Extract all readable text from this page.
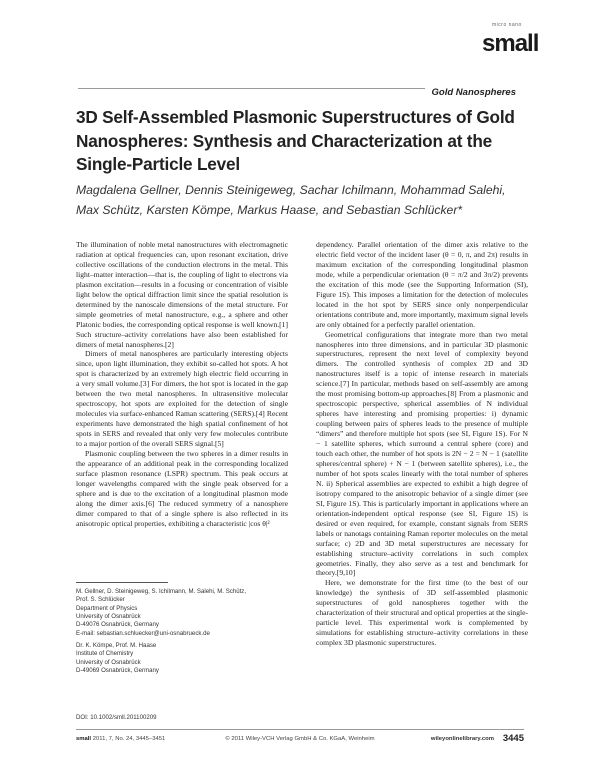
micro nano
small
Gold Nanospheres
3D Self-Assembled Plasmonic Superstructures of Gold Nanospheres: Synthesis and Characterization at the Single-Particle Level

Magdalena Gellner, Dennis Steinigeweg, Sachar Ichilmann, Mohammad Salehi, Max Schütz, Karsten Kömpe, Markus Haase, and Sebastian Schlücker*

The illumination of noble metal nanostructures with electromagnetic radiation at optical frequencies can, upon resonant excitation, drive collective oscillations of the conduction electrons in the metal. This light–matter interaction—that is, the coupling of light to electrons via plasmon excitation—results in a focusing or concentration of visible light below the optical diffraction limit since the spatial resolution is determined by the nanoscale dimensions of the metal structure. For simple geometries of metal nanostructure, e.g., a sphere and other Platonic bodies, the corresponding optical response is well known.[1] Such structure–activity correlations have also been established for dimers of metal nanospheres.[2]

Dimers of metal nanospheres are particularly interesting objects since, upon light illumination, they exhibit so-called hot spots. A hot spot is characterized by an extremely high electric field occurring in a very small volume.[3] For dimers, the hot spot is located in the gap between the two metal nanospheres. In ultrasensitive molecular spectroscopy, hot spots are exploited for the detection of single molecules via surface-enhanced Raman scattering (SERS).[4] Recent experiments have demonstrated the high spatial confinement of hot spots in SERS and revealed that only very few molecules contribute to a major portion of the overall SERS signal.[5]

Plasmonic coupling between the two spheres in a dimer results in the appearance of an additional peak in the corresponding localized surface plasmon resonance (LSPR) spectrum. This peak occurs at longer wavelengths compared with the single peak observed for a sphere and is due to the excitation of a longitudinal plasmon mode along the dimer axis.[6] The reduced symmetry of a nanosphere dimer compared to that of a single sphere is also reflected in its anisotropic optical properties, exhibiting a characteristic |cos θ|²

dependency. Parallel orientation of the dimer axis relative to the electric field vector of the incident laser (θ = 0, π, and 2π) results in maximum excitation of the corresponding longitudinal plasmon mode, while a perpendicular orientation (θ = π/2 and 3π/2) prevents the excitation of this mode (see the Supporting Information (SI), Figure 1S). This imposes a limitation for the detection of molecules located in the hot spot by SERS since only nonperpendicular orientations contribute and, more importantly, maximum signal levels are only obtained for a perfectly parallel orientation.

Geometrical configurations that integrate more than two metal nanospheres into three dimensions, and in particular 3D plasmonic superstructures, represent the next level of complexity beyond dimers. The controlled synthesis of complex 2D and 3D nanostructures itself is a topic of intense research in materials science.[7] In particular, methods based on self-assembly are among the most promising bottom-up approaches.[8] From a plasmonic and spectroscopic perspective, spherical assemblies of N individual spheres have interesting and promising properties: i) dynamic coupling between pairs of spheres leads to the presence of multiple “dimers” and therefore multiple hot spots (see SI, Figure 1S). For N − 1 satellite spheres, which surround a central sphere (core) and touch each other, the number of hot spots is 2N − 2 = N − 1 (satellite spheres/central sphere) + N − 1 (between satellite spheres), i.e., the number of hot spots scales linearly with the total number of spheres N. ii) Spherical assemblies are expected to exhibit a high degree of isotropy compared to the anisotropic behavior of a single dimer (see SI, Figure 1S). This is particularly important in applications where an orientation-independent optical response (see SI, Figure 1S) is desired or even required, for example, constant signals from SERS labels or nanotags containing Raman reporter molecules on the metal surface; c) 2D and 3D metal superstructures are necessary for establishing structure–activity correlations in such complex geometries. Finally, they also serve as a test and benchmark for theory.[9,10]

Here, we demonstrate for the first time (to the best of our knowledge) the synthesis of 3D self-assembled plasmonic superstructures of gold nanospheres together with the characterization of their structural and optical properties at the single-particle level. This experimental work is complemented by simulations for establishing structure–activity correlations in these complex 3D plasmonic superstructures.

M. Gellner, D. Steinigeweg, S. Ichilmann, M. Salehi, M. Schütz,
Prof. S. Schlücker
Department of Physics
University of Osnabrück
D-49076 Osnabrück, Germany
E-mail: sebastian.schluecker@uni-osnabrueck.de
Dr. K. Kömpe, Prof. M. Haase
Institute of Chemistry
University of Osnabrück
D-49069 Osnabrück, Germany
DOI: 10.1002/smll.201100209
small 2011, 7, No. 24, 3445–3451	© 2011 Wiley-VCH Verlag GmbH & Co. KGaA, Weinheim	wileyonlinelibrary.com 3445
